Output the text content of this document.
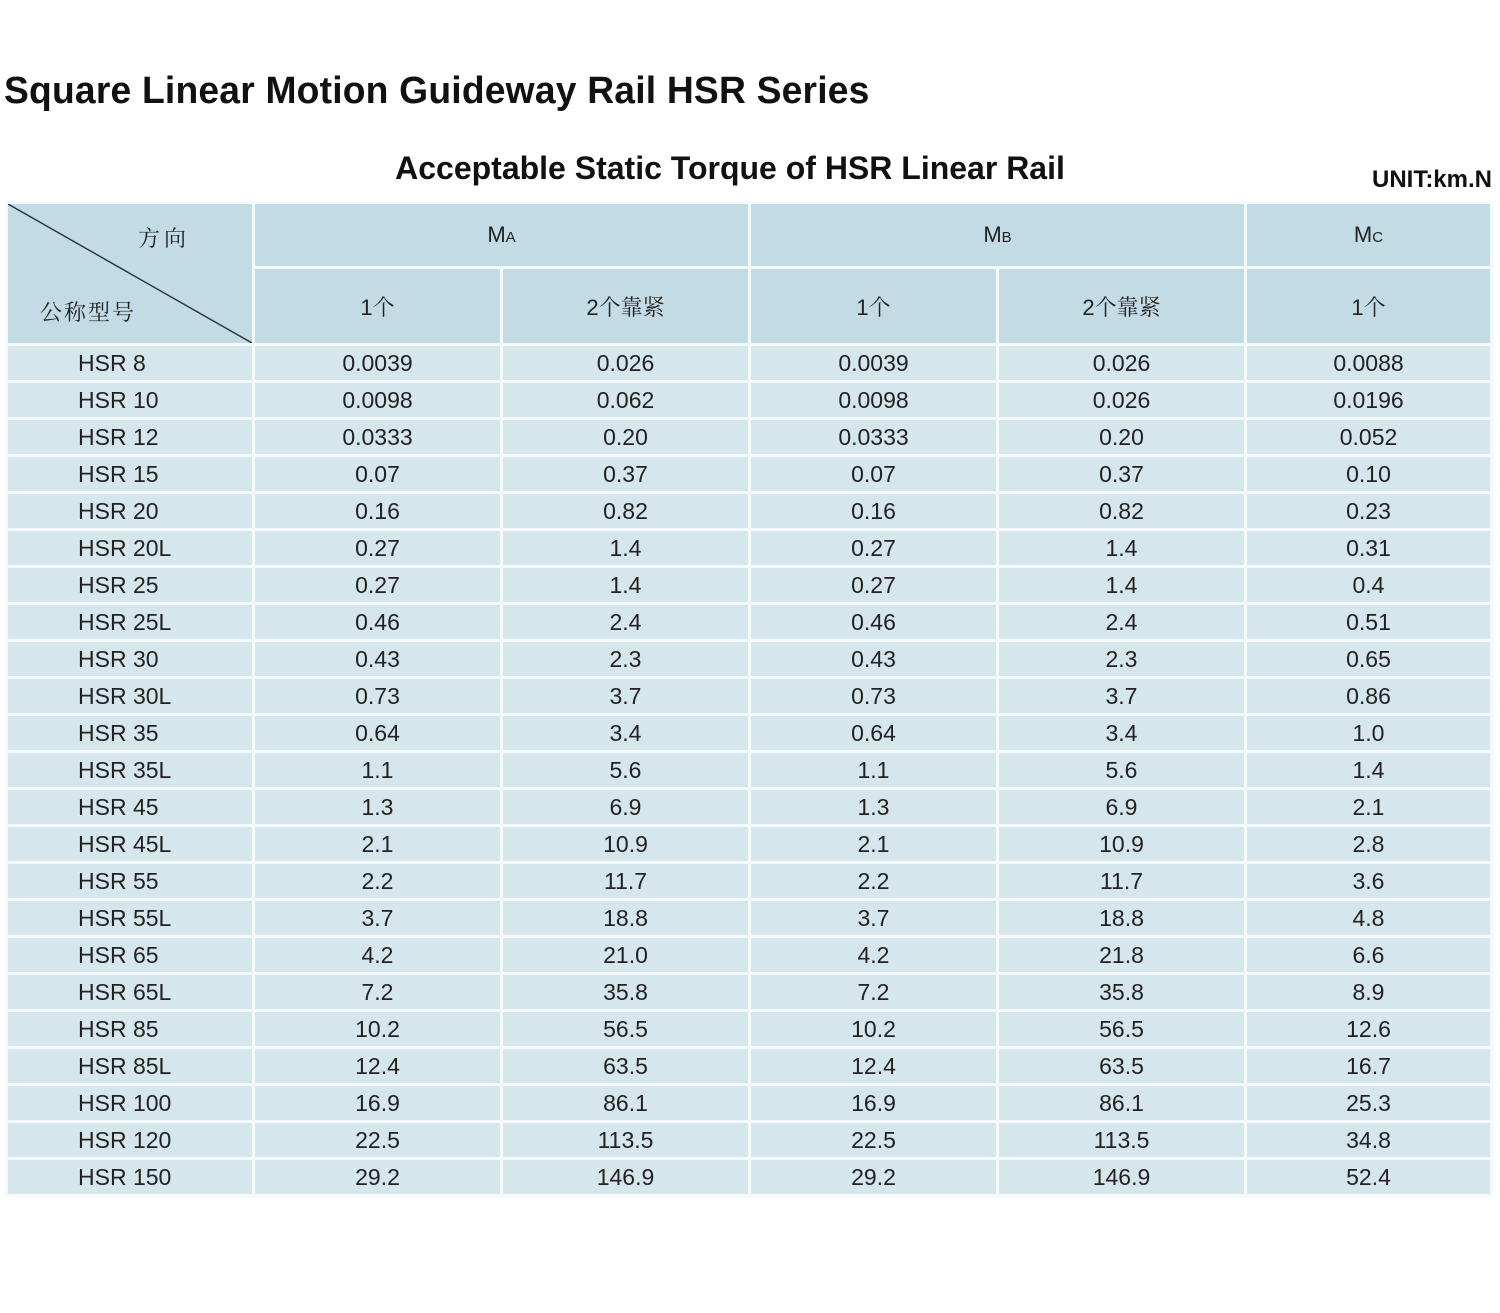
Square Linear Motion Guideway Rail HSR Series
Acceptable Static Torque of HSR Linear Rail	UNIT:km.N
方向
公称型号	MA		MB		MC
	1个	2个靠紧	1个	2个靠紧	1个
HSR 8	0.0039	0.026	0.0039	0.026	0.0088
HSR 10	0.0098	0.062	0.0098	0.026	0.0196
HSR 12	0.0333	0.20	0.0333	0.20	0.052
HSR 15	0.07	0.37	0.07	0.37	0.10
HSR 20	0.16	0.82	0.16	0.82	0.23
HSR 20L	0.27	1.4	0.27	1.4	0.31
HSR 25	0.27	1.4	0.27	1.4	0.4
HSR 25L	0.46	2.4	0.46	2.4	0.51
HSR 30	0.43	2.3	0.43	2.3	0.65
HSR 30L	0.73	3.7	0.73	3.7	0.86
HSR 35	0.64	3.4	0.64	3.4	1.0
HSR 35L	1.1	5.6	1.1	5.6	1.4
HSR 45	1.3	6.9	1.3	6.9	2.1
HSR 45L	2.1	10.9	2.1	10.9	2.8
HSR 55	2.2	11.7	2.2	11.7	3.6
HSR 55L	3.7	18.8	3.7	18.8	4.8
HSR 65	4.2	21.0	4.2	21.8	6.6
HSR 65L	7.2	35.8	7.2	35.8	8.9
HSR 85	10.2	56.5	10.2	56.5	12.6
HSR 85L	12.4	63.5	12.4	63.5	16.7
HSR 100	16.9	86.1	16.9	86.1	25.3
HSR 120	22.5	113.5	22.5	113.5	34.8
HSR 150	29.2	146.9	29.2	146.9	52.4
